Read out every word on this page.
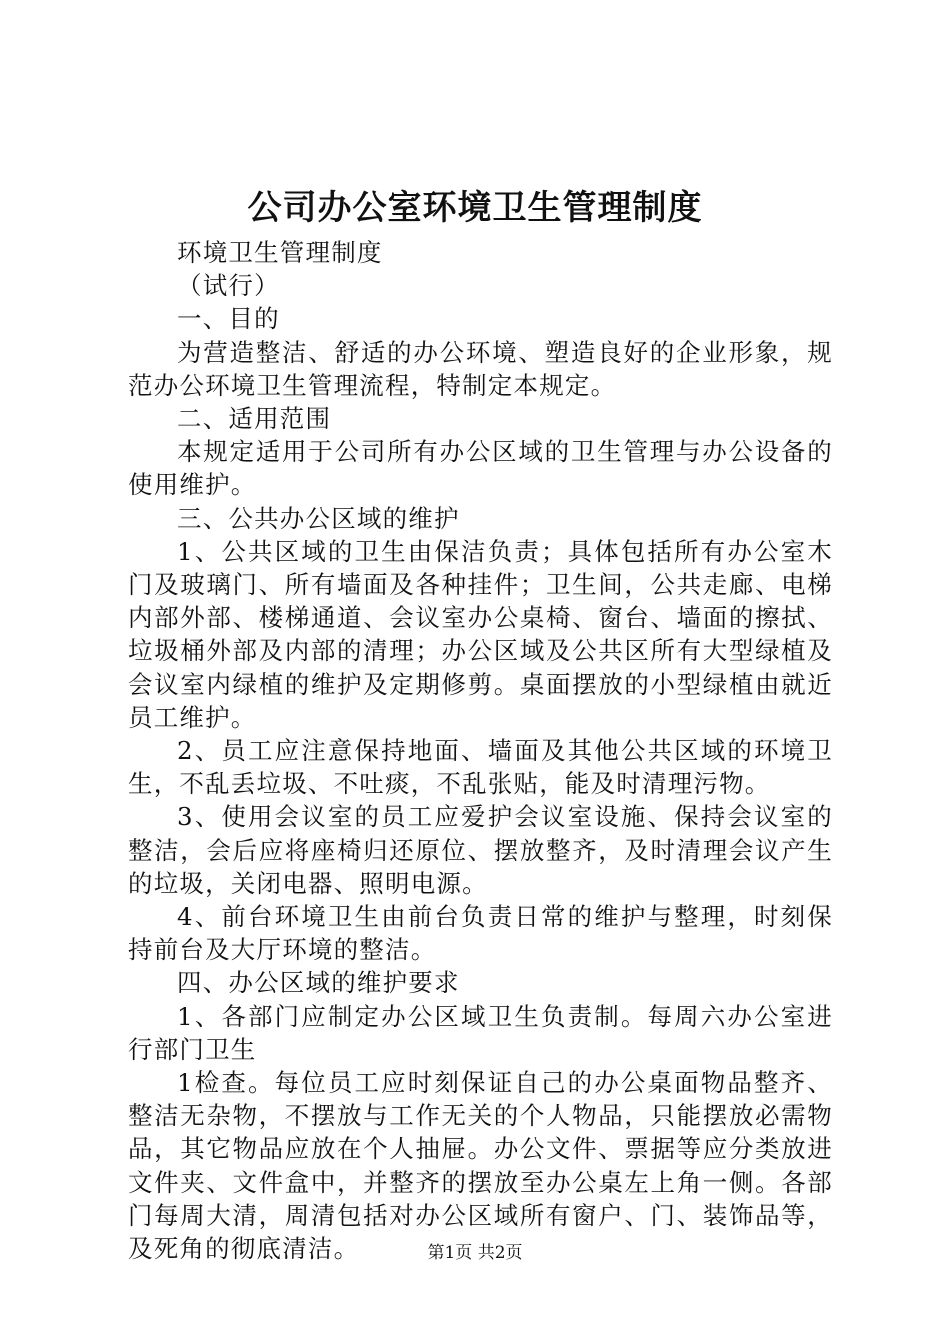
公司办公室环境卫生管理制度

环境卫生管理制度

（试行）

一、目的

为营造整洁、舒适的办公环境、塑造良好的企业形象，规范办公环境卫生管理流程，特制定本规定。

二、适用范围

本规定适用于公司所有办公区域的卫生管理与办公设备的使用维护。

三、公共办公区域的维护

1、公共区域的卫生由保洁负责；具体包括所有办公室木门及玻璃门、所有墙面及各种挂件；卫生间，公共走廊、电梯内部外部、楼梯通道、会议室办公桌椅、窗台、墙面的擦拭、垃圾桶外部及内部的清理；办公区域及公共区所有大型绿植及会议室内绿植的维护及定期修剪。桌面摆放的小型绿植由就近员工维护。

2、员工应注意保持地面、墙面及其他公共区域的环境卫生，不乱丢垃圾、不吐痰，不乱张贴，能及时清理污物。

3、使用会议室的员工应爱护会议室设施、保持会议室的整洁，会后应将座椅归还原位、摆放整齐，及时清理会议产生的垃圾，关闭电器、照明电源。

4、前台环境卫生由前台负责日常的维护与整理，时刻保持前台及大厅环境的整洁。

四、办公区域的维护要求

1、各部门应制定办公区域卫生负责制。每周六办公室进行部门卫生

1检查。每位员工应时刻保证自己的办公桌面物品整齐、整洁无杂物，不摆放与工作无关的个人物品，只能摆放必需物品，其它物品应放在个人抽屉。办公文件、票据等应分类放进文件夹、文件盒中，并整齐的摆放至办公桌左上角一侧。各部门每周大清，周清包括对办公区域所有窗户、门、装饰品等，及死角的彻底清洁。	第1页 共2页
